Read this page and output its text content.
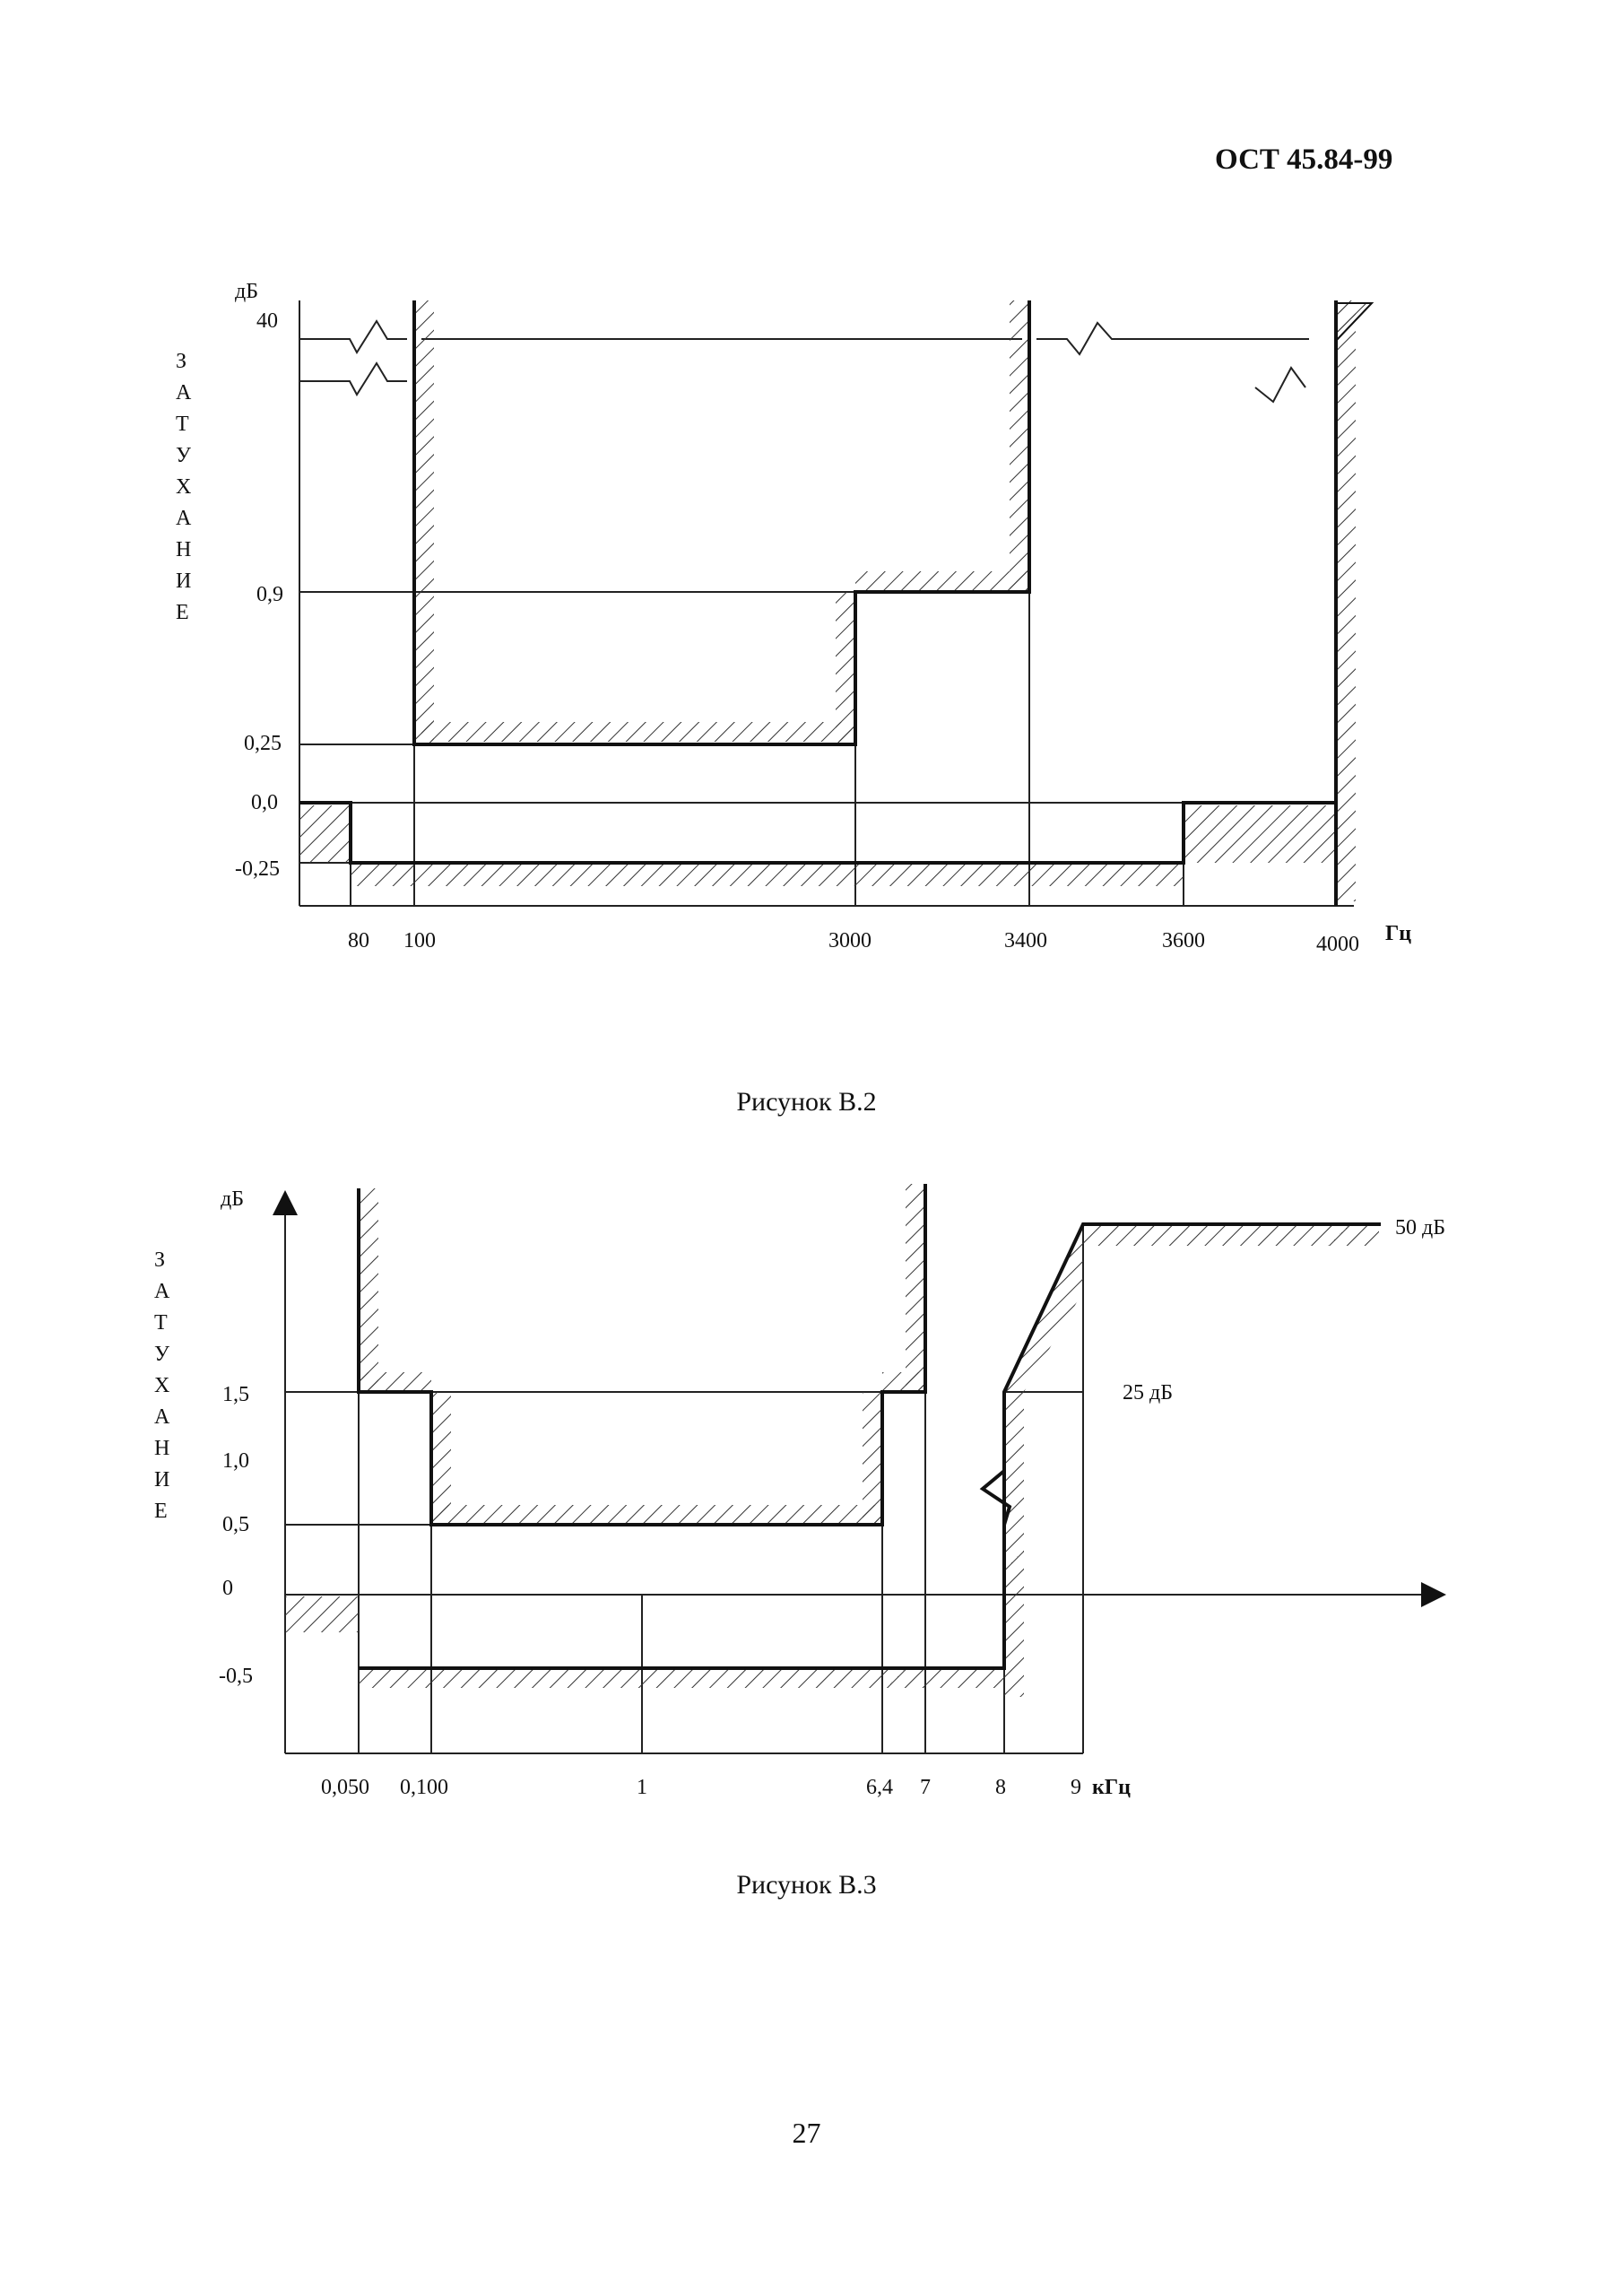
ОСТ 45.84-99
дБ
З
А
Т
У
Х
А
Н
И
Е
40
0,9
0,25
0,0
-0,25
80 100	3000	3400	3600	4000 Гц
Рисунок В.2
дБ
З
А
Т
У
Х
А
Н
И
Е
1,5
1,0
0,5
0
-0,5
0,050 0,100	1	6,4 7	8	9 кГц
50 дБ
25 дБ
Рисунок В.3
27
